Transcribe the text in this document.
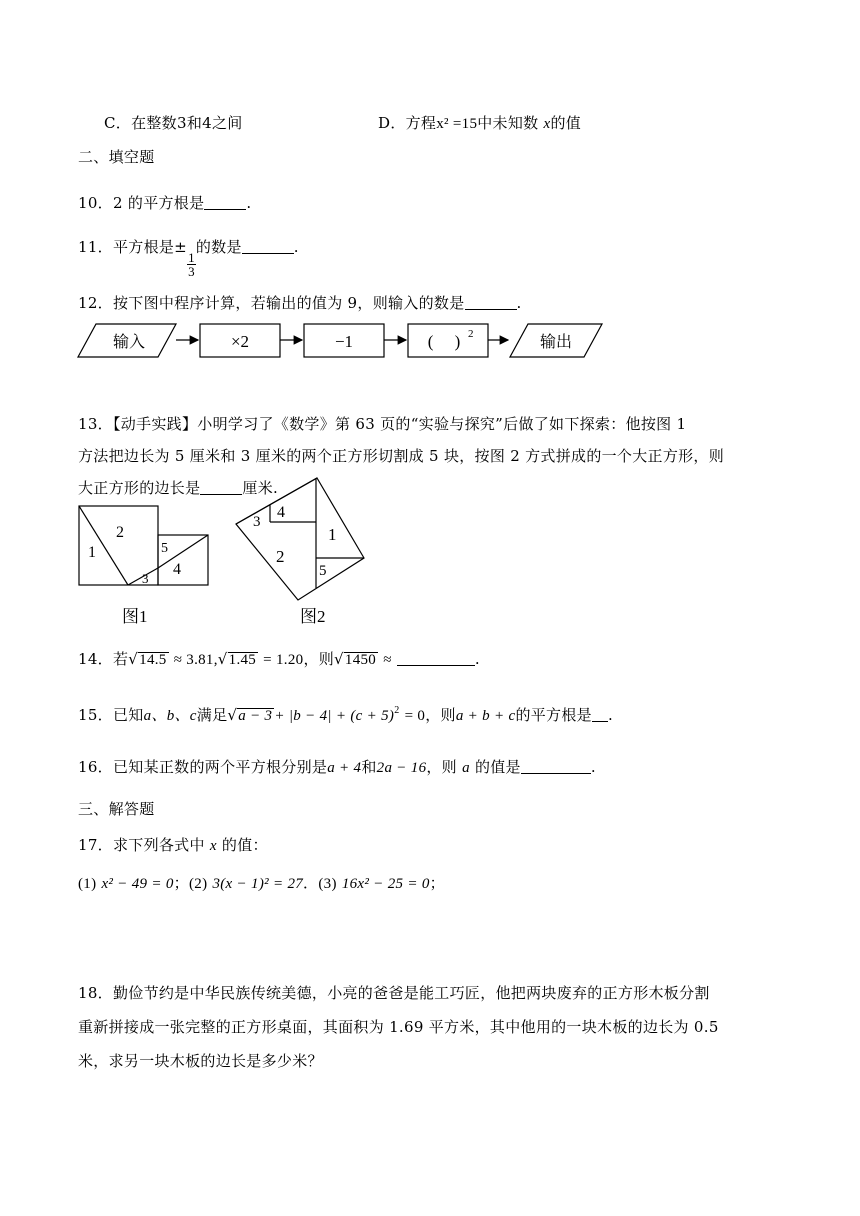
C．在整数3和4之间	D．方程x² =15中未知数 x的值
二、填空题
10．2 的平方根是	.
11．平方根是±
$\frac{1}{3}$
的数是	.
12．按下图中程序计算，若输出的值为 9，则输入的数是	.
输入	×2	−1	(     ) 2	输出
13．【动手实践】小明学习了《数学》第 63 页的“实验与探究”后做了如下探索：他按图 1
方法把边长为 5 厘米和 3 厘米的两个正方形切割成 5 块，按图 2 方式拼成的一个大正方形，则
大正方形的边长是	厘米.
1
2
3
4
5
图1
3
4
2
1
5
图2
14．若√14.5 ≈ 3.81,√1.45 = 1.20，则√1450 ≈	.
15．已知a、b、c满足$√a - 3 + |b - 4| + (c + 5)^2 = 0$，则a + b + c的平方根是 .
16．已知某正数的两个平方根分别是a + 4和2a − 16，则 a 的值是	.
三、解答题
17．求下列各式中 x 的值：
(1) x² − 49 = 0；(2) 3(x − 1)² = 27．(3) 16x² − 25 = 0；
18．勤俭节约是中华民族传统美德，小亮的爸爸是能工巧匠，他把两块废弃的正方形木板分割
重新拼接成一张完整的正方形桌面，其面积为 1.69 平方米，其中他用的一块木板的边长为 0.5
米，求另一块木板的边长是多少米？
